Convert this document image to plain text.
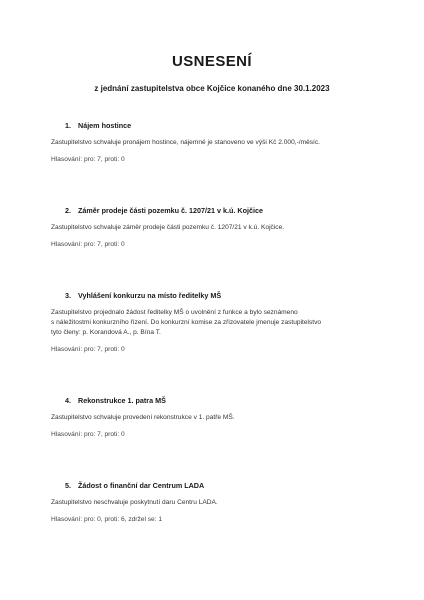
USNESENÍ
z jednání zastupitelstva obce Kojčice konaného dne 30.1.2023
1. Nájem hostince
Zastupitelstvo schvaluje pronájem hostince, nájemné je stanoveno ve výši Kč 2.000,-/měsíc.
Hlasování: pro: 7, proti: 0
2. Záměr prodeje části pozemku č. 1207/21 v k.ú. Kojčice
Zastupitelstvo schvaluje záměr prodeje části pozemku č. 1207/21 v k.ú. Kojčice.
Hlasování: pro: 7, proti: 0
3. Vyhlášení konkurzu na místo ředitelky MŠ
Zastupitelstvo projednalo žádost ředitelky MŠ o uvolnění z funkce a bylo seznámeno
s náležitostmi konkurzního řízení. Do konkurzní komise za zřizovatele jmenuje zastupitelstvo
tyto členy: p. Korandová A., p. Bína T.
Hlasování: pro: 7, proti: 0
4. Rekonstrukce 1. patra MŠ
Zastupitelstvo schvaluje provedení rekonstrukce v 1. patře MŠ.
Hlasování: pro: 7, proti: 0
5. Žádost o finanční dar Centrum LADA
Zastupitelstvo neschvaluje poskytnutí daru Centru LADA.
Hlasování: pro: 0, proti: 6, zdržel se: 1
